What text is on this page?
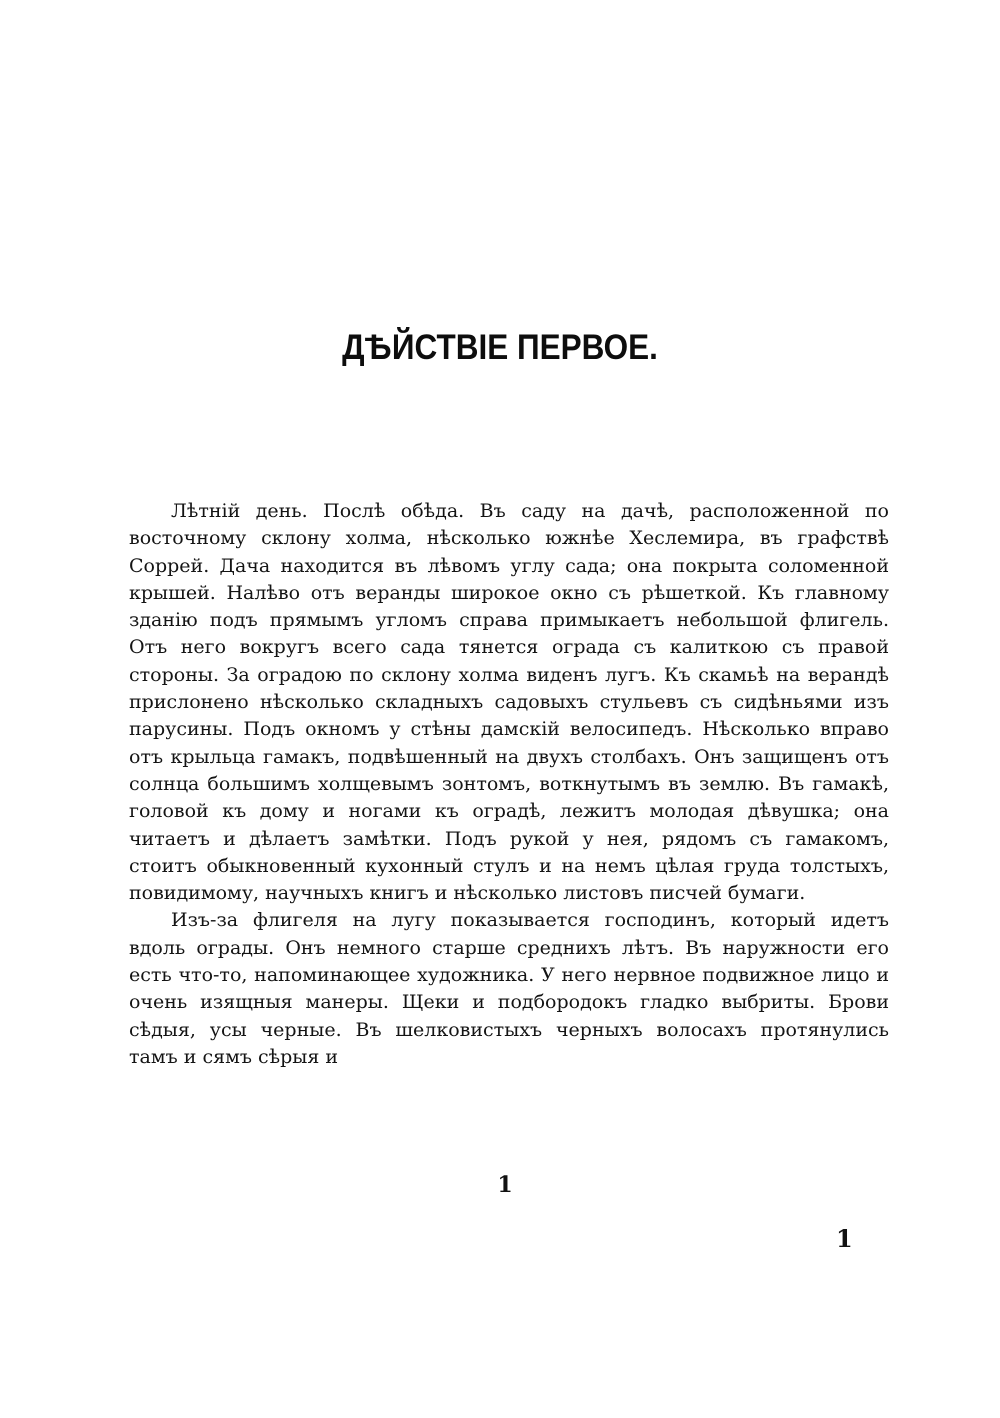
ДѢЙСТВІЕ ПЕРВОЕ.

Лѣтній день. Послѣ обѣда. Въ саду на дачѣ, расположенной по восточному склону холма, нѣсколько южнѣе Хеслемира, въ графствѣ Соррей. Дача находится въ лѣвомъ углу сада; она покрыта соломенной крышей. Налѣво отъ веранды широкое окно съ рѣшеткой. Къ главному зданію подъ прямымъ угломъ справа примыкаетъ небольшой флигель. Отъ него вокругъ всего сада тянется ограда съ калиткою съ правой стороны. За оградою по склону холма виденъ лугъ. Къ скамьѣ на верандѣ прислонено нѣсколько складныхъ садовыхъ стульевъ съ сидѣньями изъ парусины. Подъ окномъ у стѣны дамскій велосипедъ. Нѣсколько вправо отъ крыльца гамакъ, подвѣшенный на двухъ столбахъ. Онъ защищенъ отъ солнца большимъ холщевымъ зонтомъ, воткнутымъ въ землю. Въ гамакѣ, головой къ дому и ногами къ оградѣ, лежитъ молодая дѣвушка; она читаетъ и дѣлаетъ замѣтки. Подъ рукой у нея, рядомъ съ гамакомъ, стоитъ обыкновенный кухонный стулъ и на немъ цѣлая груда толстыхъ, повидимому, научныхъ книгъ и нѣсколько листовъ писчей бумаги.

Изъ-за флигеля на лугу показывается господинъ, который идетъ вдоль ограды. Онъ немного старше среднихъ лѣтъ. Въ наружности его есть что-то, напоминающее художника. У него нервное подвижное лицо и очень изящныя манеры. Щеки и подбородокъ гладко выбриты. Брови сѣдыя, усы черные. Въ шелковистыхъ черныхъ волосахъ протянулись тамъ и сямъ сѣрыя и

1
1
